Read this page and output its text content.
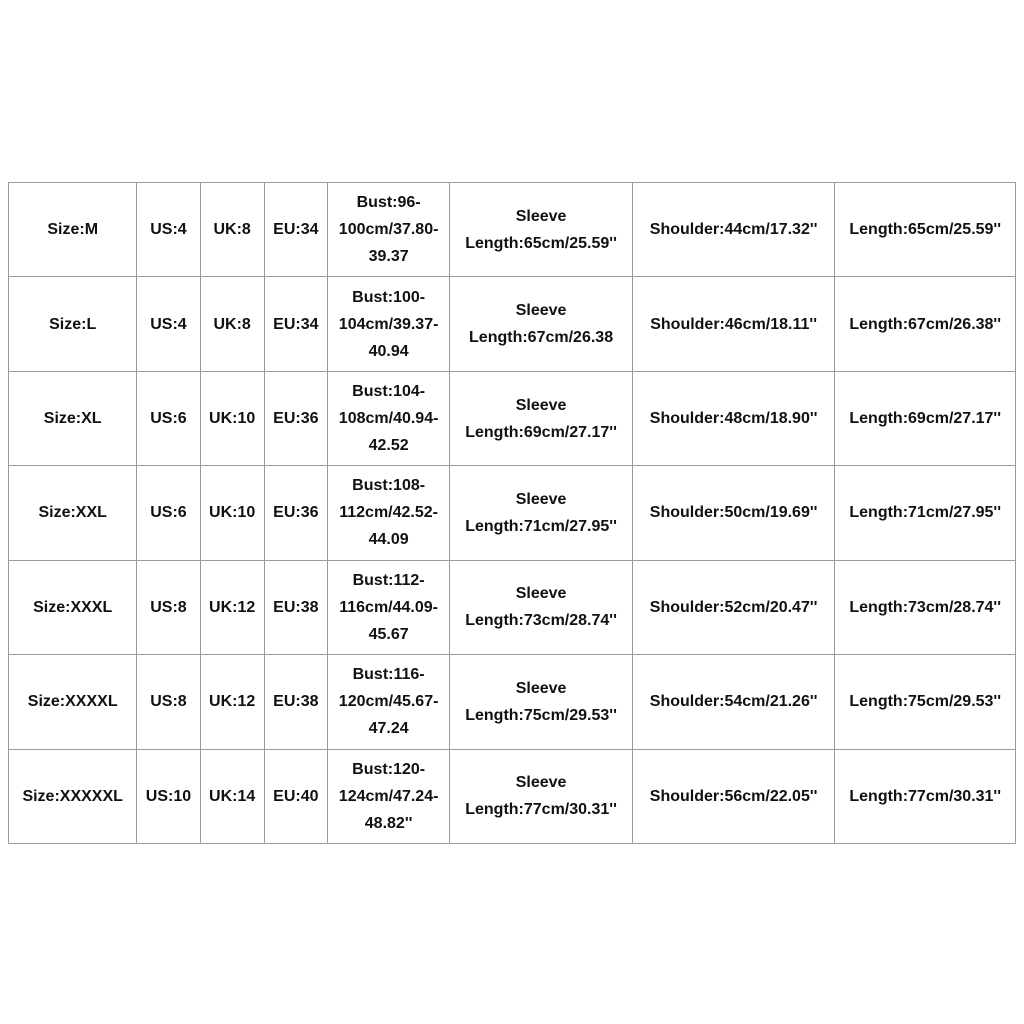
Size:M	US:4	UK:8	EU:34	Bust:96-
100cm/37.80-
39.37	Sleeve
Length:65cm/25.59''	Shoulder:44cm/17.32''	Length:65cm/25.59''
Size:L	US:4	UK:8	EU:34	Bust:100-
104cm/39.37-
40.94	Sleeve
Length:67cm/26.38	Shoulder:46cm/18.11''	Length:67cm/26.38''
Size:XL	US:6	UK:10	EU:36	Bust:104-
108cm/40.94-
42.52	Sleeve
Length:69cm/27.17''	Shoulder:48cm/18.90''	Length:69cm/27.17''
Size:XXL	US:6	UK:10	EU:36	Bust:108-
112cm/42.52-
44.09	Sleeve
Length:71cm/27.95''	Shoulder:50cm/19.69''	Length:71cm/27.95''
Size:XXXL	US:8	UK:12	EU:38	Bust:112-
116cm/44.09-
45.67	Sleeve
Length:73cm/28.74''	Shoulder:52cm/20.47''	Length:73cm/28.74''
Size:XXXXL	US:8	UK:12	EU:38	Bust:116-
120cm/45.67-
47.24	Sleeve
Length:75cm/29.53''	Shoulder:54cm/21.26''	Length:75cm/29.53''
Size:XXXXXL	US:10	UK:14	EU:40	Bust:120-
124cm/47.24-
48.82''	Sleeve
Length:77cm/30.31''	Shoulder:56cm/22.05''	Length:77cm/30.31''
